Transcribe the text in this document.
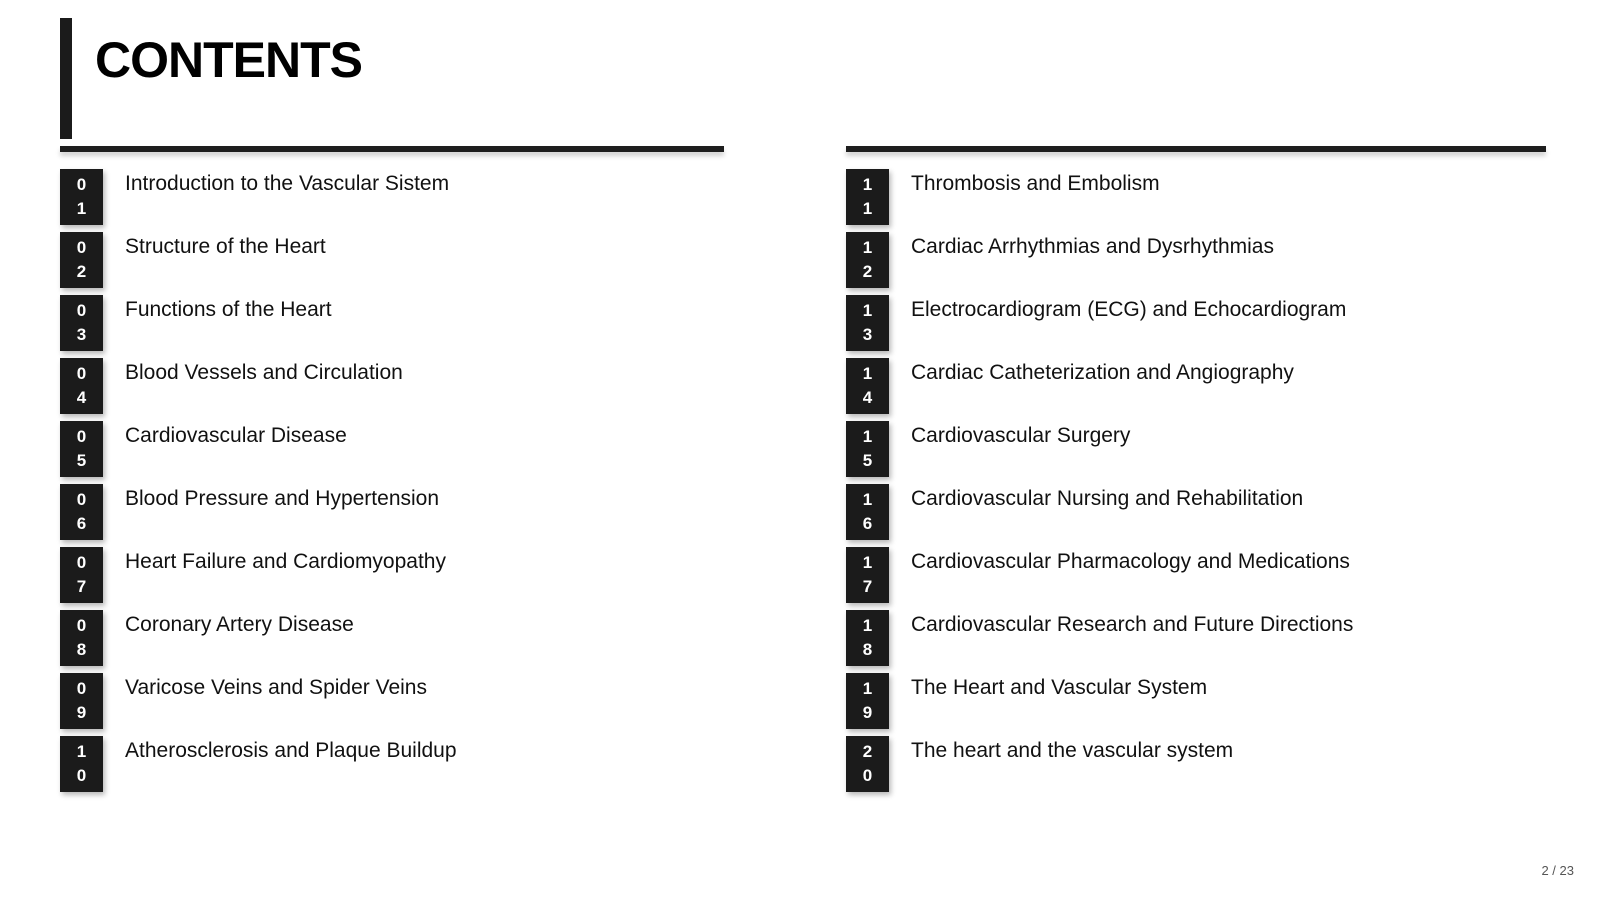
CONTENTS
0
1
Introduction to the Vascular Sistem
0
2
Structure of the Heart
0
3
Functions of the Heart
0
4
Blood Vessels and Circulation
0
5
Cardiovascular Disease
0
6
Blood Pressure and Hypertension
0
7
Heart Failure and Cardiomyopathy
0
8
Coronary Artery Disease
0
9
Varicose Veins and Spider Veins
1
0
Atherosclerosis and Plaque Buildup
1
1
Thrombosis and Embolism
1
2
Cardiac Arrhythmias and Dysrhythmias
1
3
Electrocardiogram (ECG) and Echocardiogram
1
4
Cardiac Catheterization and Angiography
1
5
Cardiovascular Surgery
1
6
Cardiovascular Nursing and Rehabilitation
1
7
Cardiovascular Pharmacology and Medications
1
8
Cardiovascular Research and Future Directions
1
9
The Heart and Vascular System
2
0
The heart and the vascular system
2 / 23
